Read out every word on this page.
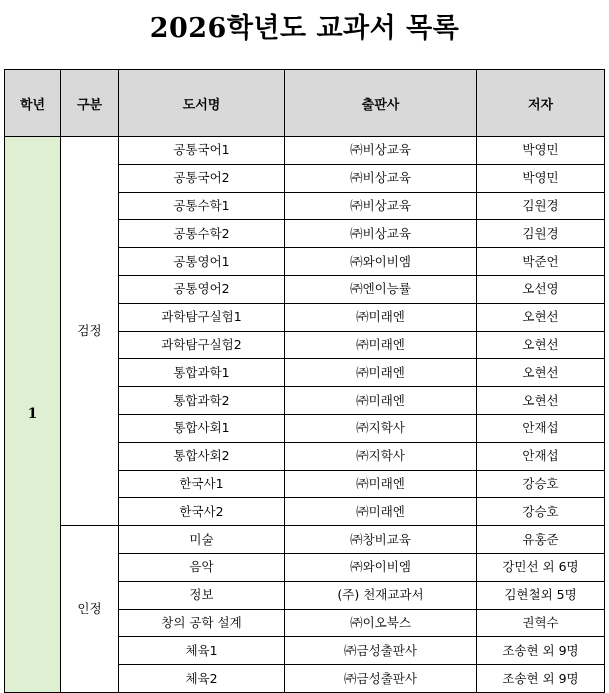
2026학년도 교과서 목록
학년	구분	도서명	출판사	저자
1	검정	공통국어1	㈜비상교육	박영민
		공통국어2	㈜비상교육	박영민
		공통수학1	㈜비상교육	김원경
		공통수학2	㈜비상교육	김원경
		공통영어1	㈜와이비엠	박준언
		공통영어2	㈜엔이능률	오선영
		과학탐구실험1	㈜미래엔	오현선
		과학탐구실험2	㈜미래엔	오현선
		통합과학1	㈜미래엔	오현선
		통합과학2	㈜미래엔	오현선
		통합사회1	㈜지학사	안재섭
		통합사회2	㈜지학사	안재섭
		한국사1	㈜미래엔	강승호
		한국사2	㈜미래엔	강승호
	인정	미술	㈜창비교육	유홍준
		음악	㈜와이비엠	강민선 외 6명
		정보	(주) 천재교과서	김현철외 5명
		창의 공학 설계	㈜이오북스	권혁수
		체육1	㈜금성출판사	조송현 외 9명
		체육2	㈜금성출판사	조송현 외 9명
